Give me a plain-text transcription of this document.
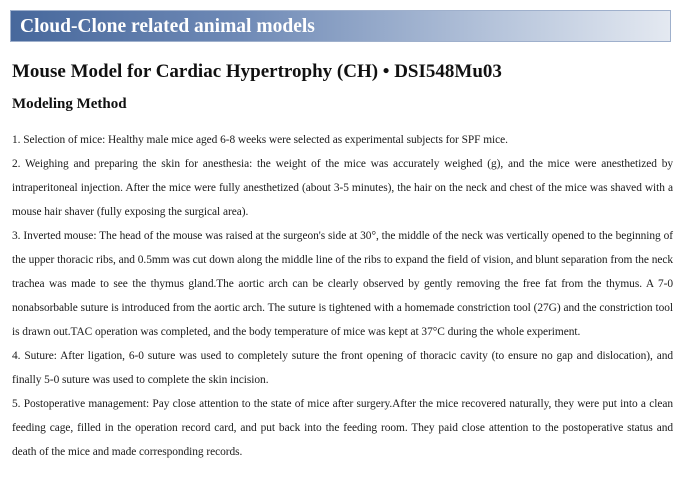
Cloud-Clone related animal models
Mouse Model for Cardiac Hypertrophy (CH) • DSI548Mu03
Modeling Method

1. Selection of mice: Healthy male mice aged 6-8 weeks were selected as experimental subjects for SPF mice.

2. Weighing and preparing the skin for anesthesia: the weight of the mice was accurately weighed (g), and the mice were anesthetized by intraperitoneal injection. After the mice were fully anesthetized (about 3-5 minutes), the hair on the neck and chest of the mice was shaved with a mouse hair shaver (fully exposing the surgical area).

3. Inverted mouse: The head of the mouse was raised at the surgeon's side at 30°, the middle of the neck was vertically opened to the beginning of the upper thoracic ribs, and 0.5mm was cut down along the middle line of the ribs to expand the field of vision, and blunt separation from the neck trachea was made to see the thymus gland.The aortic arch can be clearly observed by gently removing the free fat from the thymus. A 7-0 nonabsorbable suture is introduced from the aortic arch. The suture is tightened with a homemade constriction tool (27G) and the constriction tool is drawn out.TAC operation was completed, and the body temperature of mice was kept at 37°C during the whole experiment.

4. Suture: After ligation, 6-0 suture was used to completely suture the front opening of thoracic cavity (to ensure no gap and dislocation), and finally 5-0 suture was used to complete the skin incision.

5. Postoperative management: Pay close attention to the state of mice after surgery.After the mice recovered naturally, they were put into a clean feeding cage, filled in the operation record card, and put back into the feeding room. They paid close attention to the postoperative status and death of the mice and made corresponding records.
